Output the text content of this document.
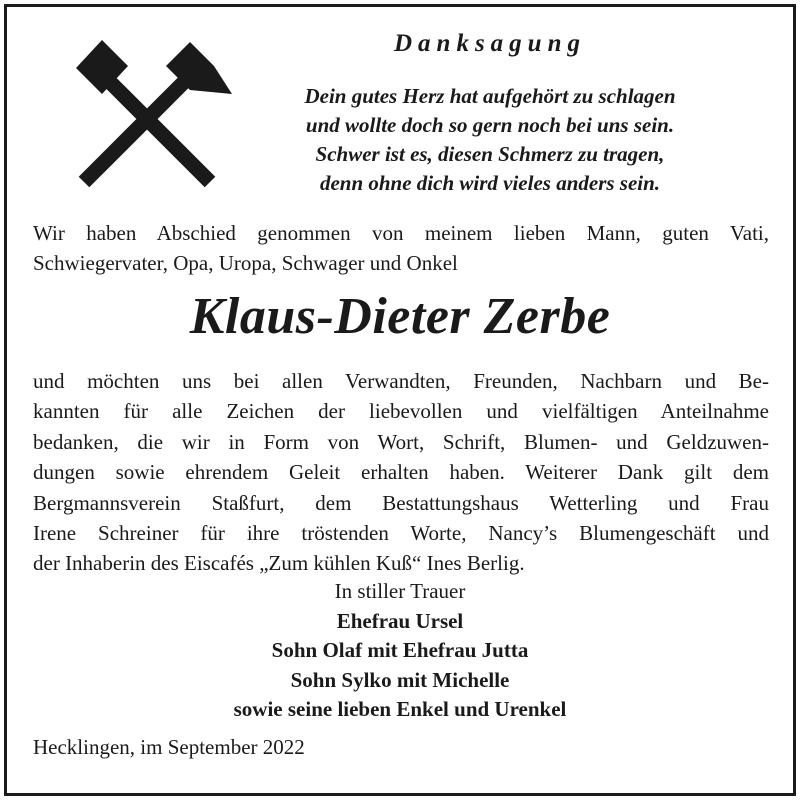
Danksagung
Dein gutes Herz hat aufgehört zu schlagen
und wollte doch so gern noch bei uns sein.
Schwer ist es, diesen Schmerz zu tragen,
denn ohne dich wird vieles anders sein.
Wir haben Abschied genommen von meinem lieben Mann, guten Vati,
Schwiegervater, Opa, Uropa, Schwager und Onkel
Klaus-Dieter Zerbe
und möchten uns bei allen Verwandten, Freunden, Nachbarn und Be-
kannten für alle Zeichen der liebevollen und vielfältigen Anteilnahme
bedanken, die wir in Form von Wort, Schrift, Blumen- und Geldzuwen-
dungen sowie ehrendem Geleit erhalten haben. Weiterer Dank gilt dem
Bergmannsverein Staßfurt, dem Bestattungshaus Wetterling und Frau
Irene Schreiner für ihre tröstenden Worte, Nancy’s Blumengeschäft und
der Inhaberin des Eiscafés „Zum kühlen Kuß“ Ines Berlig.
In stiller Trauer
Ehefrau Ursel
Sohn Olaf mit Ehefrau Jutta
Sohn Sylko mit Michelle
sowie seine lieben Enkel und Urenkel
Hecklingen, im September 2022
